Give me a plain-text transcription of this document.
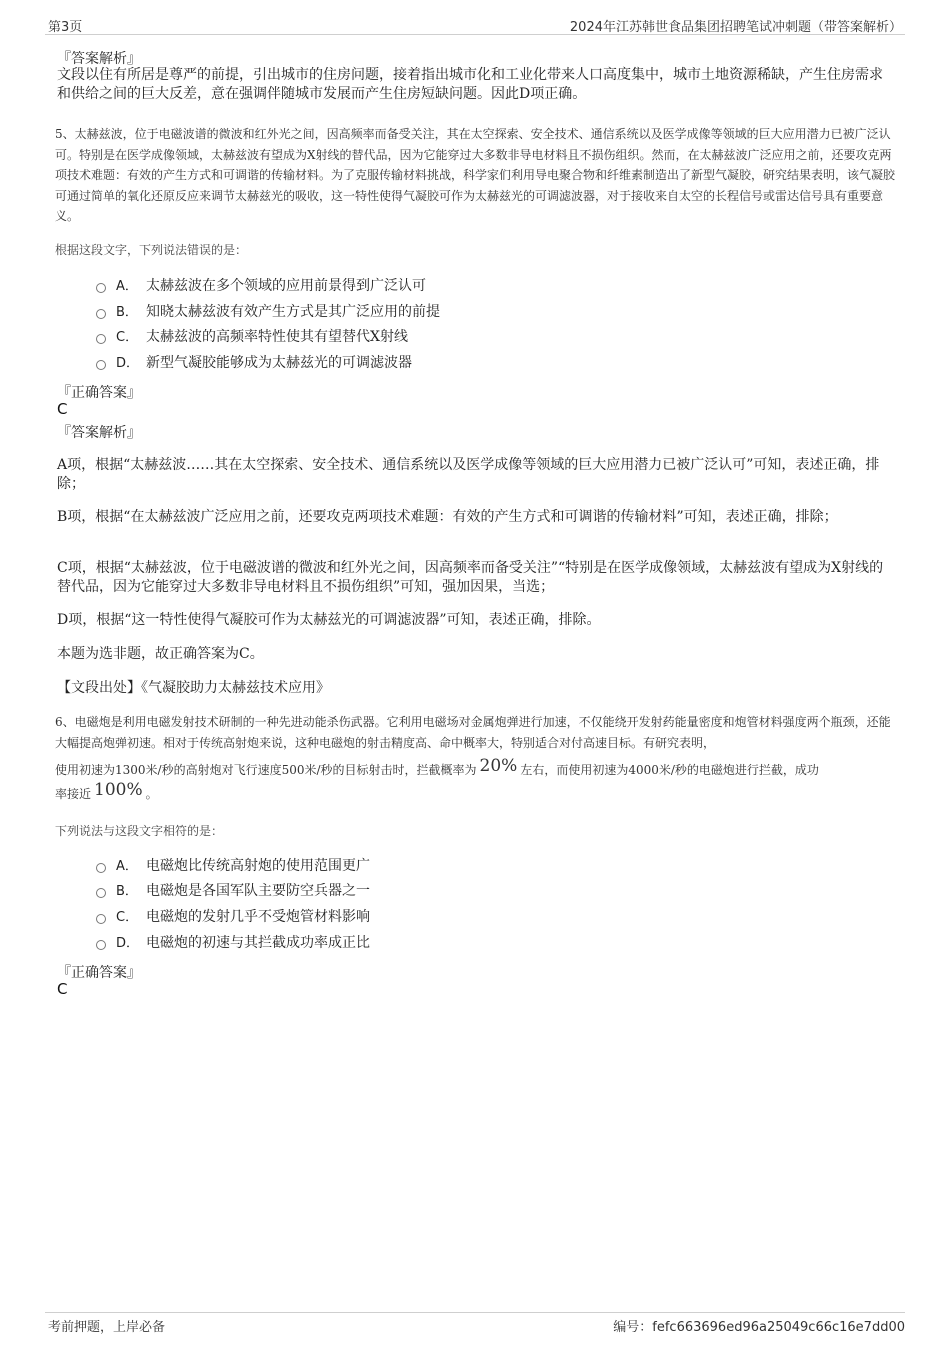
第3页	2024年江苏韩世食品集团招聘笔试冲刺题（带答案解析）
『答案解析』
文段以住有所居是尊严的前提，引出城市的住房问题，接着指出城市化和工业化带来人口高度集中，城市土地资源稀缺，产生住房需求和供给之间的巨大反差，意在强调伴随城市发展而产生住房短缺问题。因此D项正确。
5、太赫兹波，位于电磁波谱的微波和红外光之间，因高频率而备受关注，其在太空探索、安全技术、通信系统以及医学成像等领域的巨大应用潜力已被广泛认可。特别是在医学成像领域，太赫兹波有望成为X射线的替代品，因为它能穿过大多数非导电材料且不损伤组织。然而，在太赫兹波广泛应用之前，还要攻克两项技术难题：有效的产生方式和可调谐的传输材料。为了克服传输材料挑战，科学家们利用导电聚合物和纤维素制造出了新型气凝胶，研究结果表明，该气凝胶可通过简单的氧化还原反应来调节太赫兹光的吸收，这一特性使得气凝胶可作为太赫兹光的可调滤波器，对于接收来自太空的长程信号或雷达信号具有重要意义。
根据这段文字，下列说法错误的是：
A． 太赫兹波在多个领域的应用前景得到广泛认可
B． 知晓太赫兹波有效产生方式是其广泛应用的前提
C． 太赫兹波的高频率特性使其有望替代X射线
D． 新型气凝胶能够成为太赫兹光的可调滤波器
『正确答案』
C
『答案解析』
A项，根据“太赫兹波……其在太空探索、安全技术、通信系统以及医学成像等领域的巨大应用潜力已被广泛认可”可知，表述正确，排除；
B项，根据“在太赫兹波广泛应用之前，还要攻克两项技术难题：有效的产生方式和可调谐的传输材料”可知，表述正确，排除；
C项，根据“太赫兹波，位于电磁波谱的微波和红外光之间，因高频率而备受关注”“特别是在医学成像领域，太赫兹波有望成为X射线的替代品，因为它能穿过大多数非导电材料且不损伤组织”可知，强加因果，当选；
D项，根据“这一特性使得气凝胶可作为太赫兹光的可调滤波器”可知，表述正确，排除。
本题为选非题，故正确答案为C。
【文段出处】《气凝胶助力太赫兹技术应用》
6、电磁炮是利用电磁发射技术研制的一种先进动能杀伤武器。它利用电磁场对金属炮弹进行加速，不仅能绕开发射药能量密度和炮管材料强度两个瓶颈，还能大幅提高炮弹初速。相对于传统高射炮来说，这种电磁炮的射击精度高、命中概率大，特别适合对付高速目标。有研究表明，
使用初速为1300米/秒的高射炮对飞行速度500米/秒的目标射击时，拦截概率为 20% 左右，而使用初速为4000米/秒的电磁炮进行拦截，成功
率接近 100% 。
下列说法与这段文字相符的是：
A． 电磁炮比传统高射炮的使用范围更广
B． 电磁炮是各国军队主要防空兵器之一
C． 电磁炮的发射几乎不受炮管材料影响
D． 电磁炮的初速与其拦截成功率成正比
『正确答案』
C
考前押题，上岸必备	编号：fefc663696ed96a25049c66c16e7dd00
